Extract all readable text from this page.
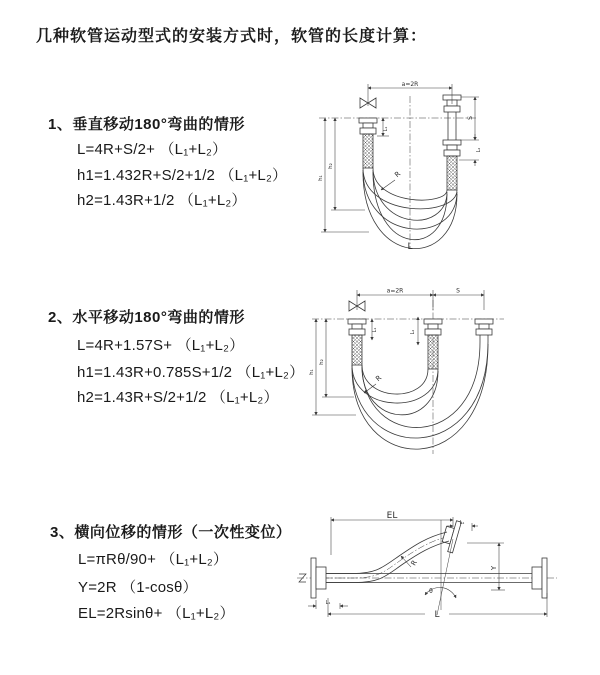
几种软管运动型式的安装方式时，软管的长度计算：
1、垂直移动180°弯曲的情形
L=4R+S/2+ （L₁+L₂）
h1=1.432R+S/2+1/2 （L₁+L₂）
h2=1.43R+1/2 （L₁+L₂）
2、水平移动180°弯曲的情形
L=4R+1.57S+ （L₁+L₂）
h1=1.43R+0.785S+1/2 （L₁+L₂）
h2=1.43R+S/2+1/2 （L₁+L₂）
3、横向位移的情形（一次性变位）
L=πRθ/90+ （L₁+L₂）
Y=2R （1-cosθ）
EL=2Rsinθ+ （L₁+L₂）
a=2R
S
L₁
L₂
h₁
h₂
R
L
a=2R	S
L₁	L₂
h₁
h₂
R
EL
L₁
Y
R
θ
L
L₁
